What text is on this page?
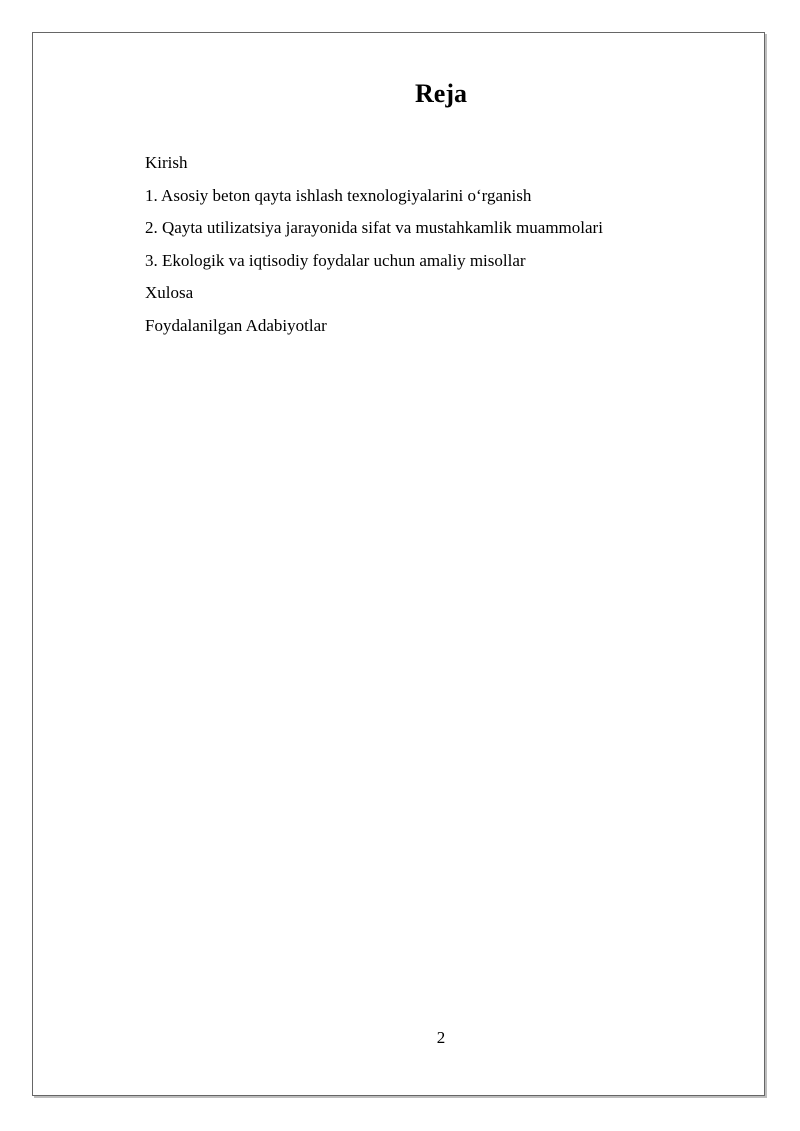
Reja
Kirish
1. Asosiy beton qayta ishlash texnologiyalarini o‘rganish
2. Qayta utilizatsiya jarayonida sifat va mustahkamlik muammolari
3. Ekologik va iqtisodiy foydalar uchun amaliy misollar
Xulosa
Foydalanilgan Adabiyotlar
2
